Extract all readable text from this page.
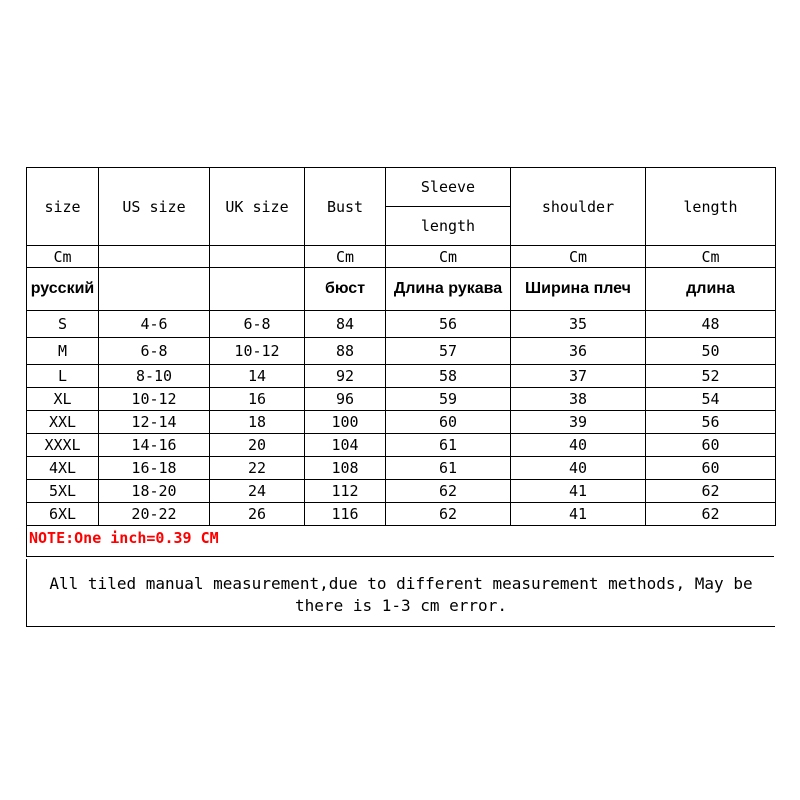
size	US size	UK size	Bust	Sleeve	shoulder	length
				length		
Cm			Cm	Cm	Cm	Cm
русский			бюст	Длина рукава	Ширина плеч	длина
S	4-6	6-8	84	56	35	48
M	6-8	10-12	88	57	36	50
L	8-10	14	92	58	37	52
XL	10-12	16	96	59	38	54
XXL	12-14	18	100	60	39	56
XXXL	14-16	20	104	61	40	60
4XL	16-18	22	108	61	40	60
5XL	18-20	24	112	62	41	62
6XL	20-22	26	116	62	41	62
NOTE:One inch=0.39 CM
All tiled manual measurement,due to different measurement methods, May be there is 1-3 cm error.
